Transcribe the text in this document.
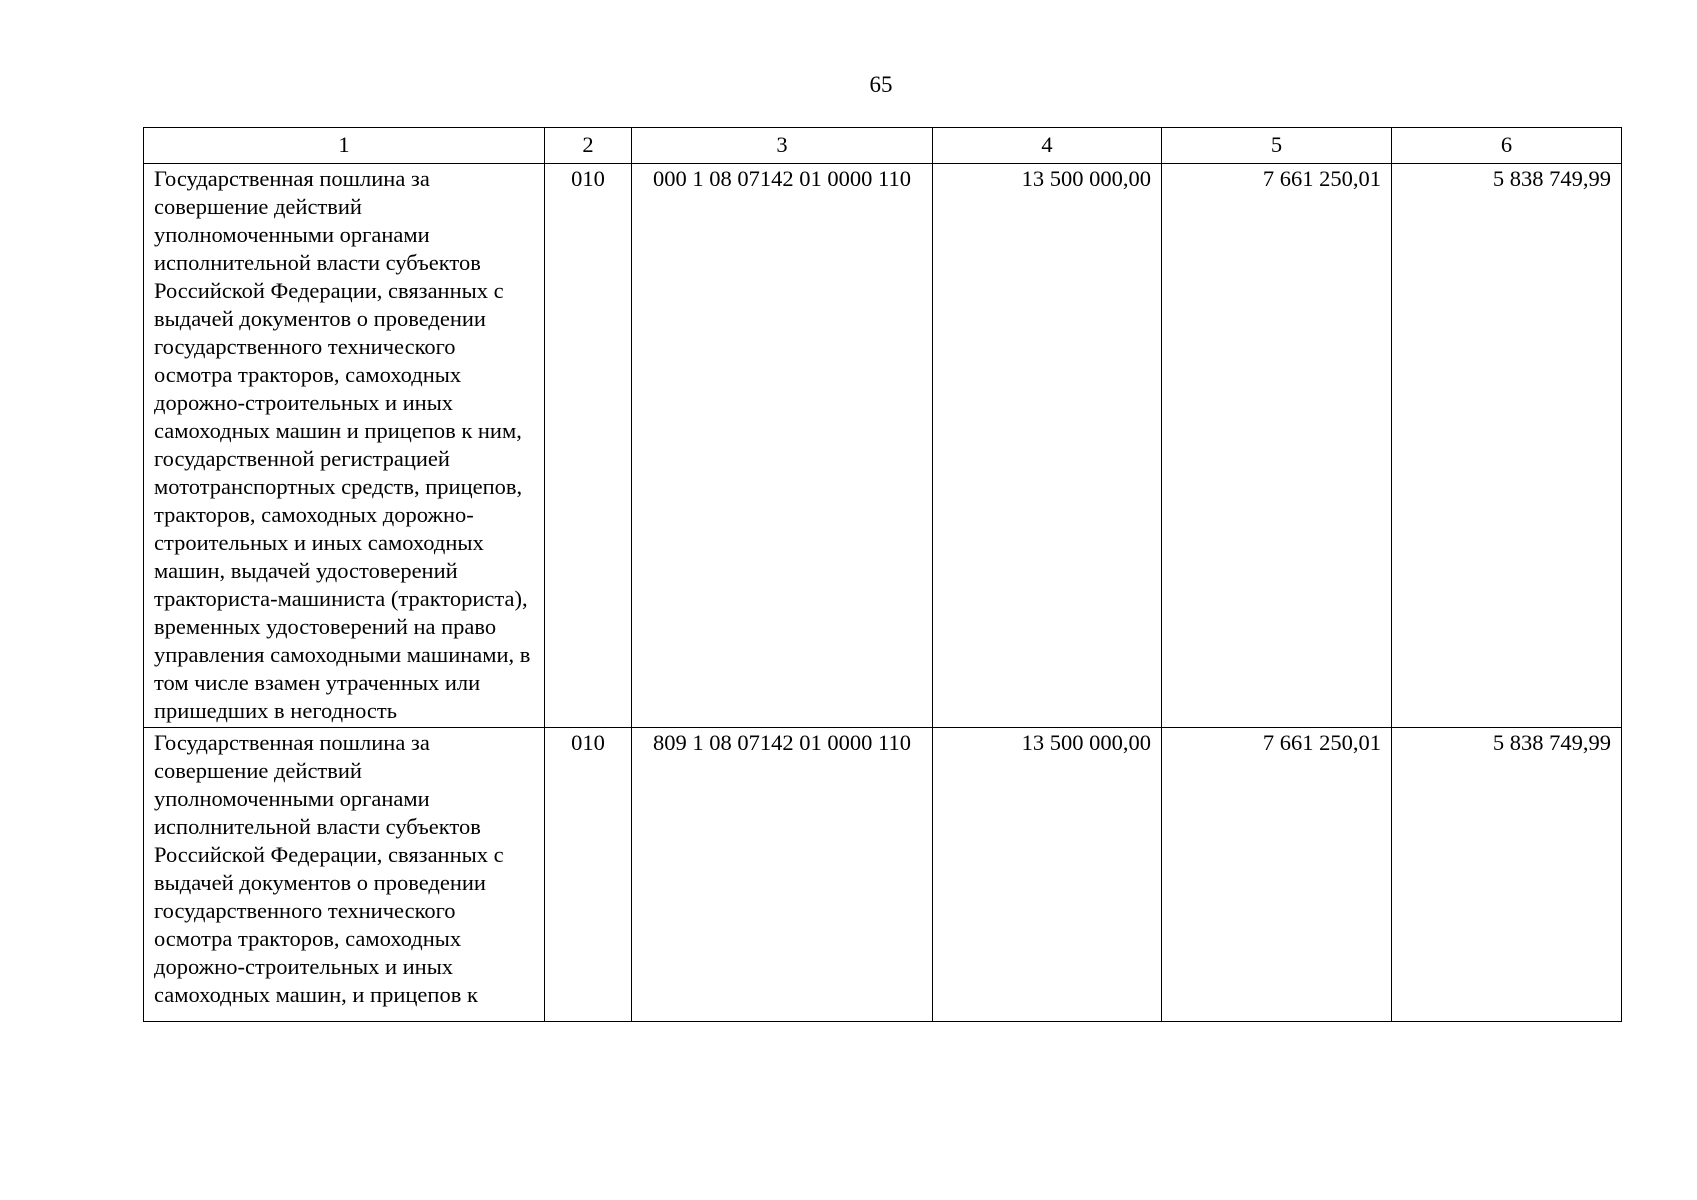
65
1	2	3	4	5	6
Государственная пошлина за совершение действий уполномоченными органами исполнительной власти субъектов Российской Федерации, связанных с выдачей документов о проведении государственного технического осмотра тракторов, самоходных дорожно-строительных и иных самоходных машин и прицепов к ним, государственной регистрацией мототранспортных средств, прицепов, тракторов, самоходных дорожно-строительных и иных самоходных машин, выдачей удостоверений тракториста-машиниста (тракториста), временных удостоверений на право управления самоходными машинами, в том числе взамен утраченных или пришедших в негодность	010	000 1 08 07142 01 0000 110	13 500 000,00	7 661 250,01	5 838 749,99
Государственная пошлина за совершение действий уполномоченными органами исполнительной власти субъектов Российской Федерации, связанных с выдачей документов о проведении государственного технического осмотра тракторов, самоходных дорожно-строительных и иных самоходных машин, и прицепов к	010	809 1 08 07142 01 0000 110	13 500 000,00	7 661 250,01	5 838 749,99
